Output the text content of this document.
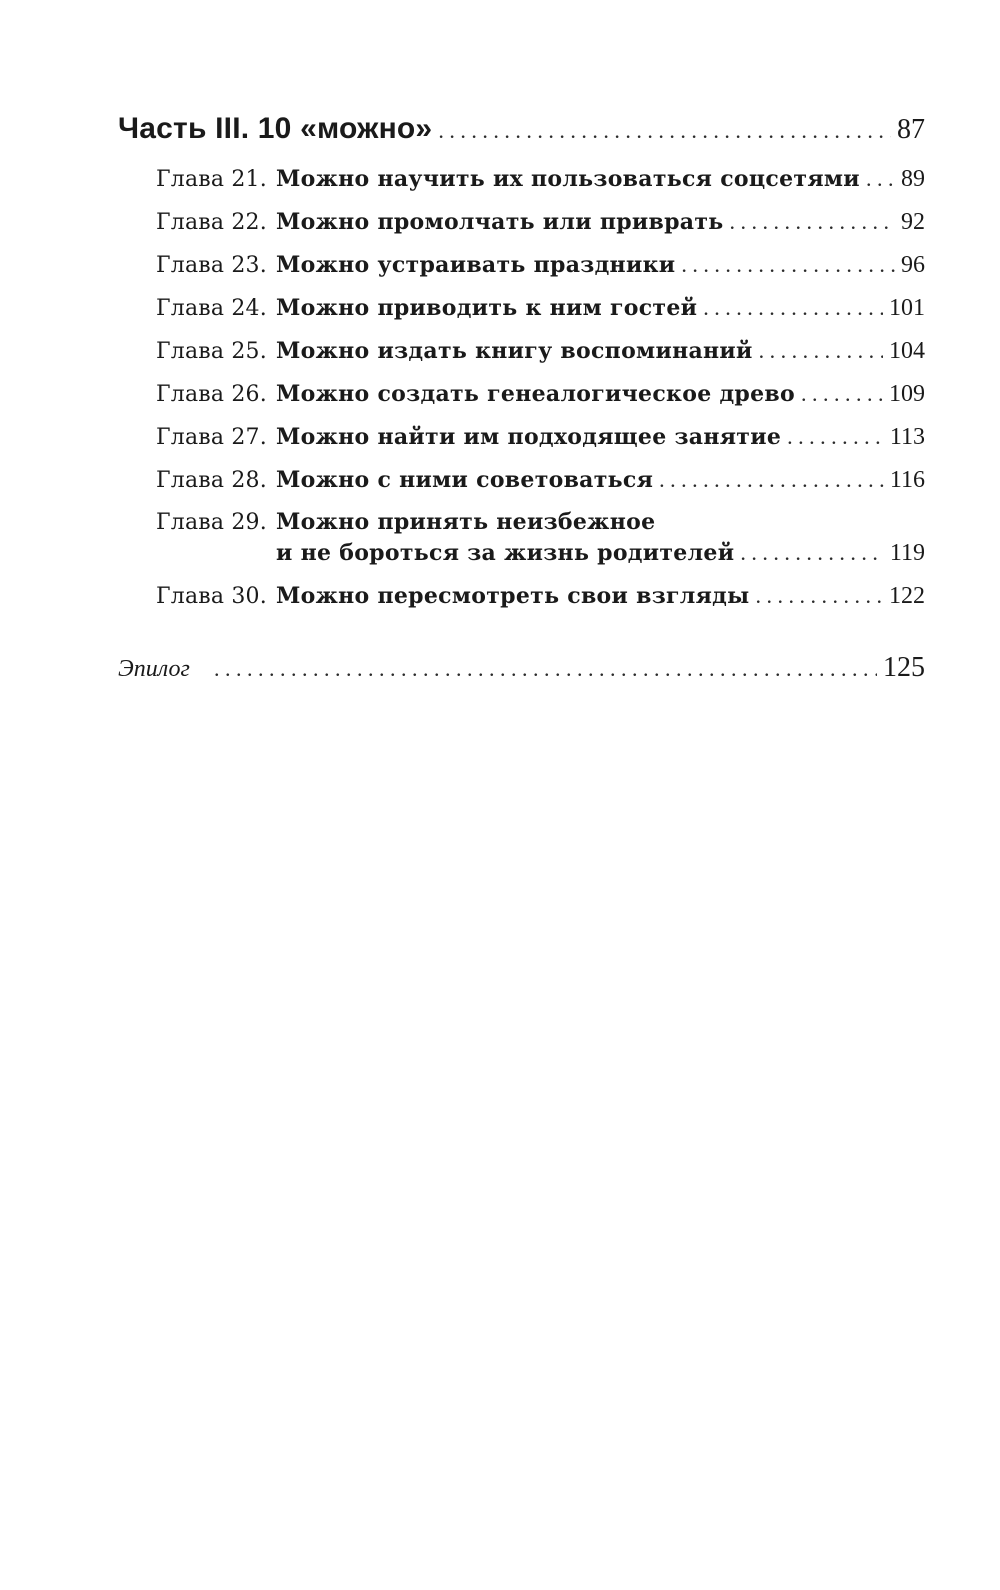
Часть III. 10 «можно» . . .	87
Глава 21. Можно научить их пользоваться соцсетями . . . 89
Глава 22. Можно промолчать или приврать . . .	92
Глава 23. Можно устраивать праздники . . .	96
Глава 24. Можно приводить к ним гостей . . .	101
Глава 25. Можно издать книгу воспоминаний . . .	104
Глава 26. Можно создать генеалогическое древо . . .	109
Глава 27. Можно найти им подходящее занятие . . .	113
Глава 28. Можно с ними советоваться . . .	116
Глава 29. Можно принять неизбежное
и не бороться за жизнь родителей . . .	119
Глава 30. Можно пересмотреть свои взгляды . . .	122
Эпилог . . .	125
